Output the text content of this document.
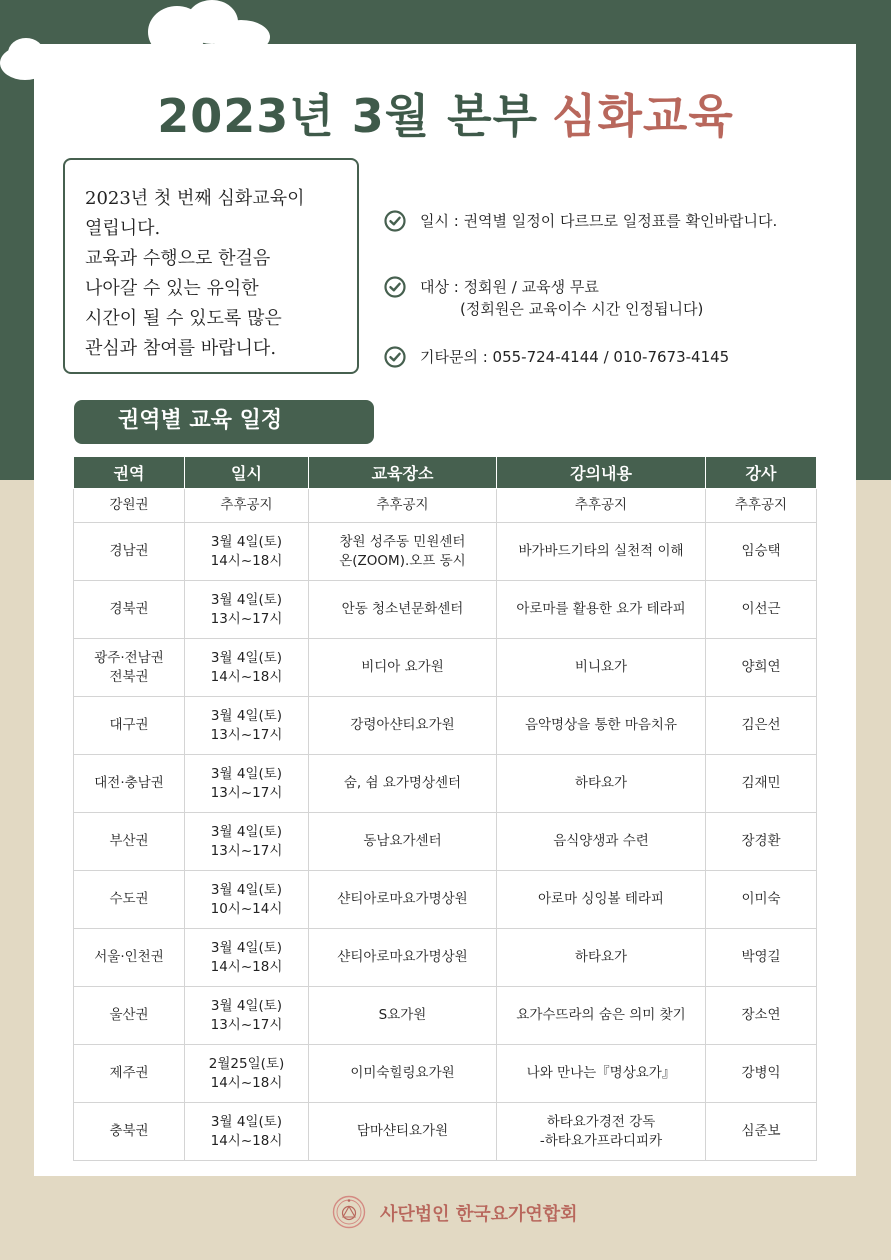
2023년 3월 본부 심화교육
2023년 첫 번째 심화교육이
열립니다.
교육과 수행으로 한걸음
나아갈 수 있는 유익한
시간이 될 수 있도록 많은
관심과 참여를 바랍니다.
일시 : 권역별 일정이 다르므로 일정표를 확인바랍니다.
대상 : 정회원 / 교육생 무료
(정회원은 교육이수 시간 인정됩니다)
기타문의 : 055-724-4144 / 010-7673-4145
권역별 교육 일정
권역	일시	교육장소	강의내용	강사

강원권	추후공지	추후공지	추후공지	추후공지

경남권	3월 4일(토)
14시~18시	창원 성주동 민원센터
온(ZOOM).오프 동시	바가바드기타의 실천적 이해	임승택

경북권	3월 4일(토)
13시~17시	안동 청소년문화센터	아로마를 활용한 요가 테라피	이선근

광주·전남권
전북권	3월 4일(토)
14시~18시	비디아 요가원	비니요가	양희연

대구권	3월 4일(토)
13시~17시	강령아샨티요가원	음악명상을 통한 마음치유	김은선

대전·충남권	3월 4일(토)
13시~17시	숨, 쉼 요가명상센터	하타요가	김재민

부산권	3월 4일(토)
13시~17시	동남요가센터	음식양생과 수련	장경환

수도권	3월 4일(토)
10시~14시	샨티아로마요가명상원	아로마 싱잉볼 테라피	이미숙

서울·인천권	3월 4일(토)
14시~18시	샨티아로마요가명상원	하타요가	박영길

울산권	3월 4일(토)
13시~17시	S요가원	요가수뜨라의 숨은 의미 찾기	장소연

제주권	2월25일(토)
14시~18시	이미숙힐링요가원	나와 만나는『명상요가』	강병익

충북권	3월 4일(토)
14시~18시	담마샨티요가원	하타요가경전 강독
-하타요가프라디피카	심준보
사단법인 한국요가연합회
